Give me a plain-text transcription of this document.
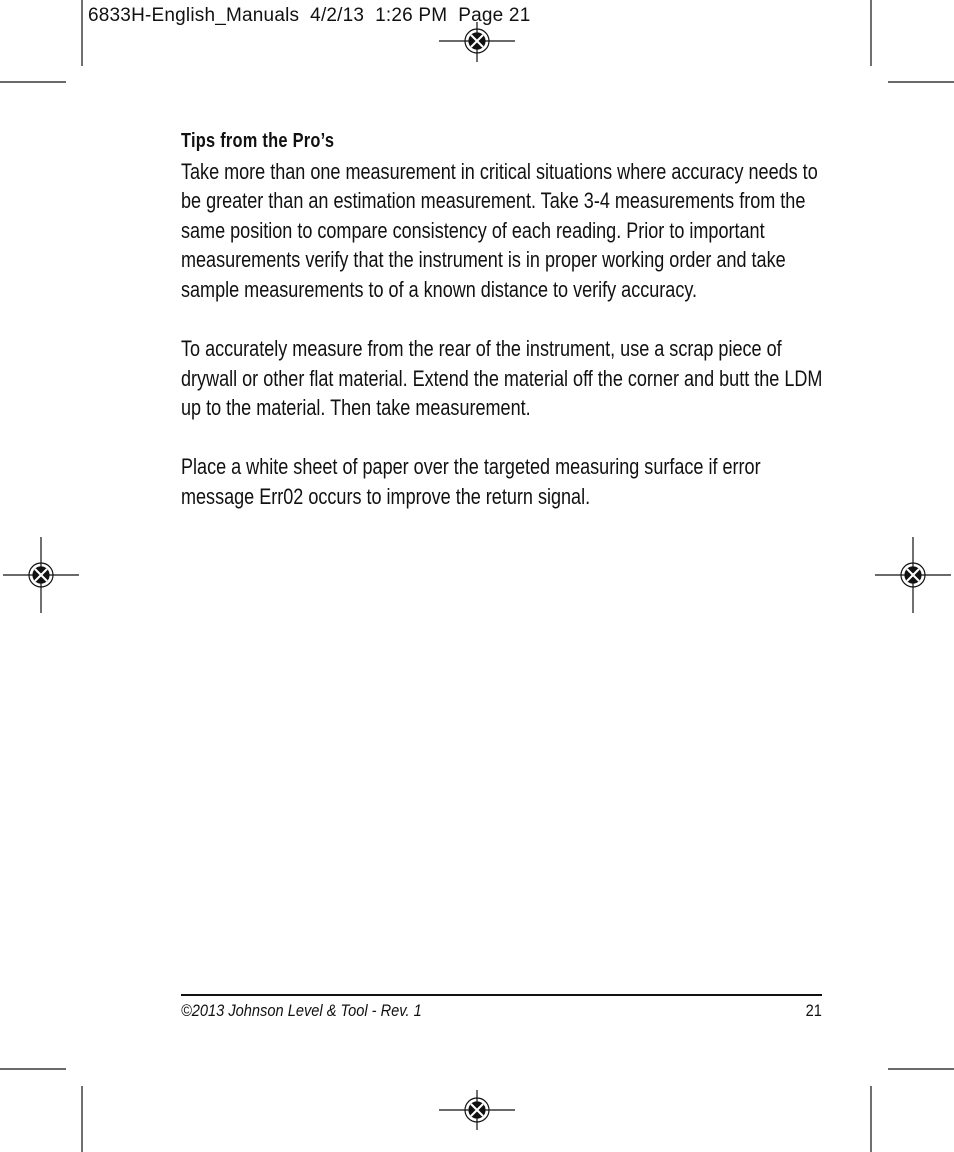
6833H-English_Manuals  4/2/13  1:26 PM  Page 21
Tips from the Pro’s

Take more than one measurement in critical situations where accuracy needs to be greater than an estimation measurement. Take 3-4 measurements from the same position to compare consistency of each reading. Prior to important measurements verify that the instrument is in proper working order and take sample measurements to of a known distance to verify accuracy.

To accurately measure from the rear of the instrument, use a scrap piece of drywall or other flat material. Extend the material off the corner and butt the LDM up to the material. Then take measurement.

Place a white sheet of paper over the targeted measuring surface if error message Err02 occurs to improve the return signal.

©2013 Johnson Level & Tool - Rev. 1	21
